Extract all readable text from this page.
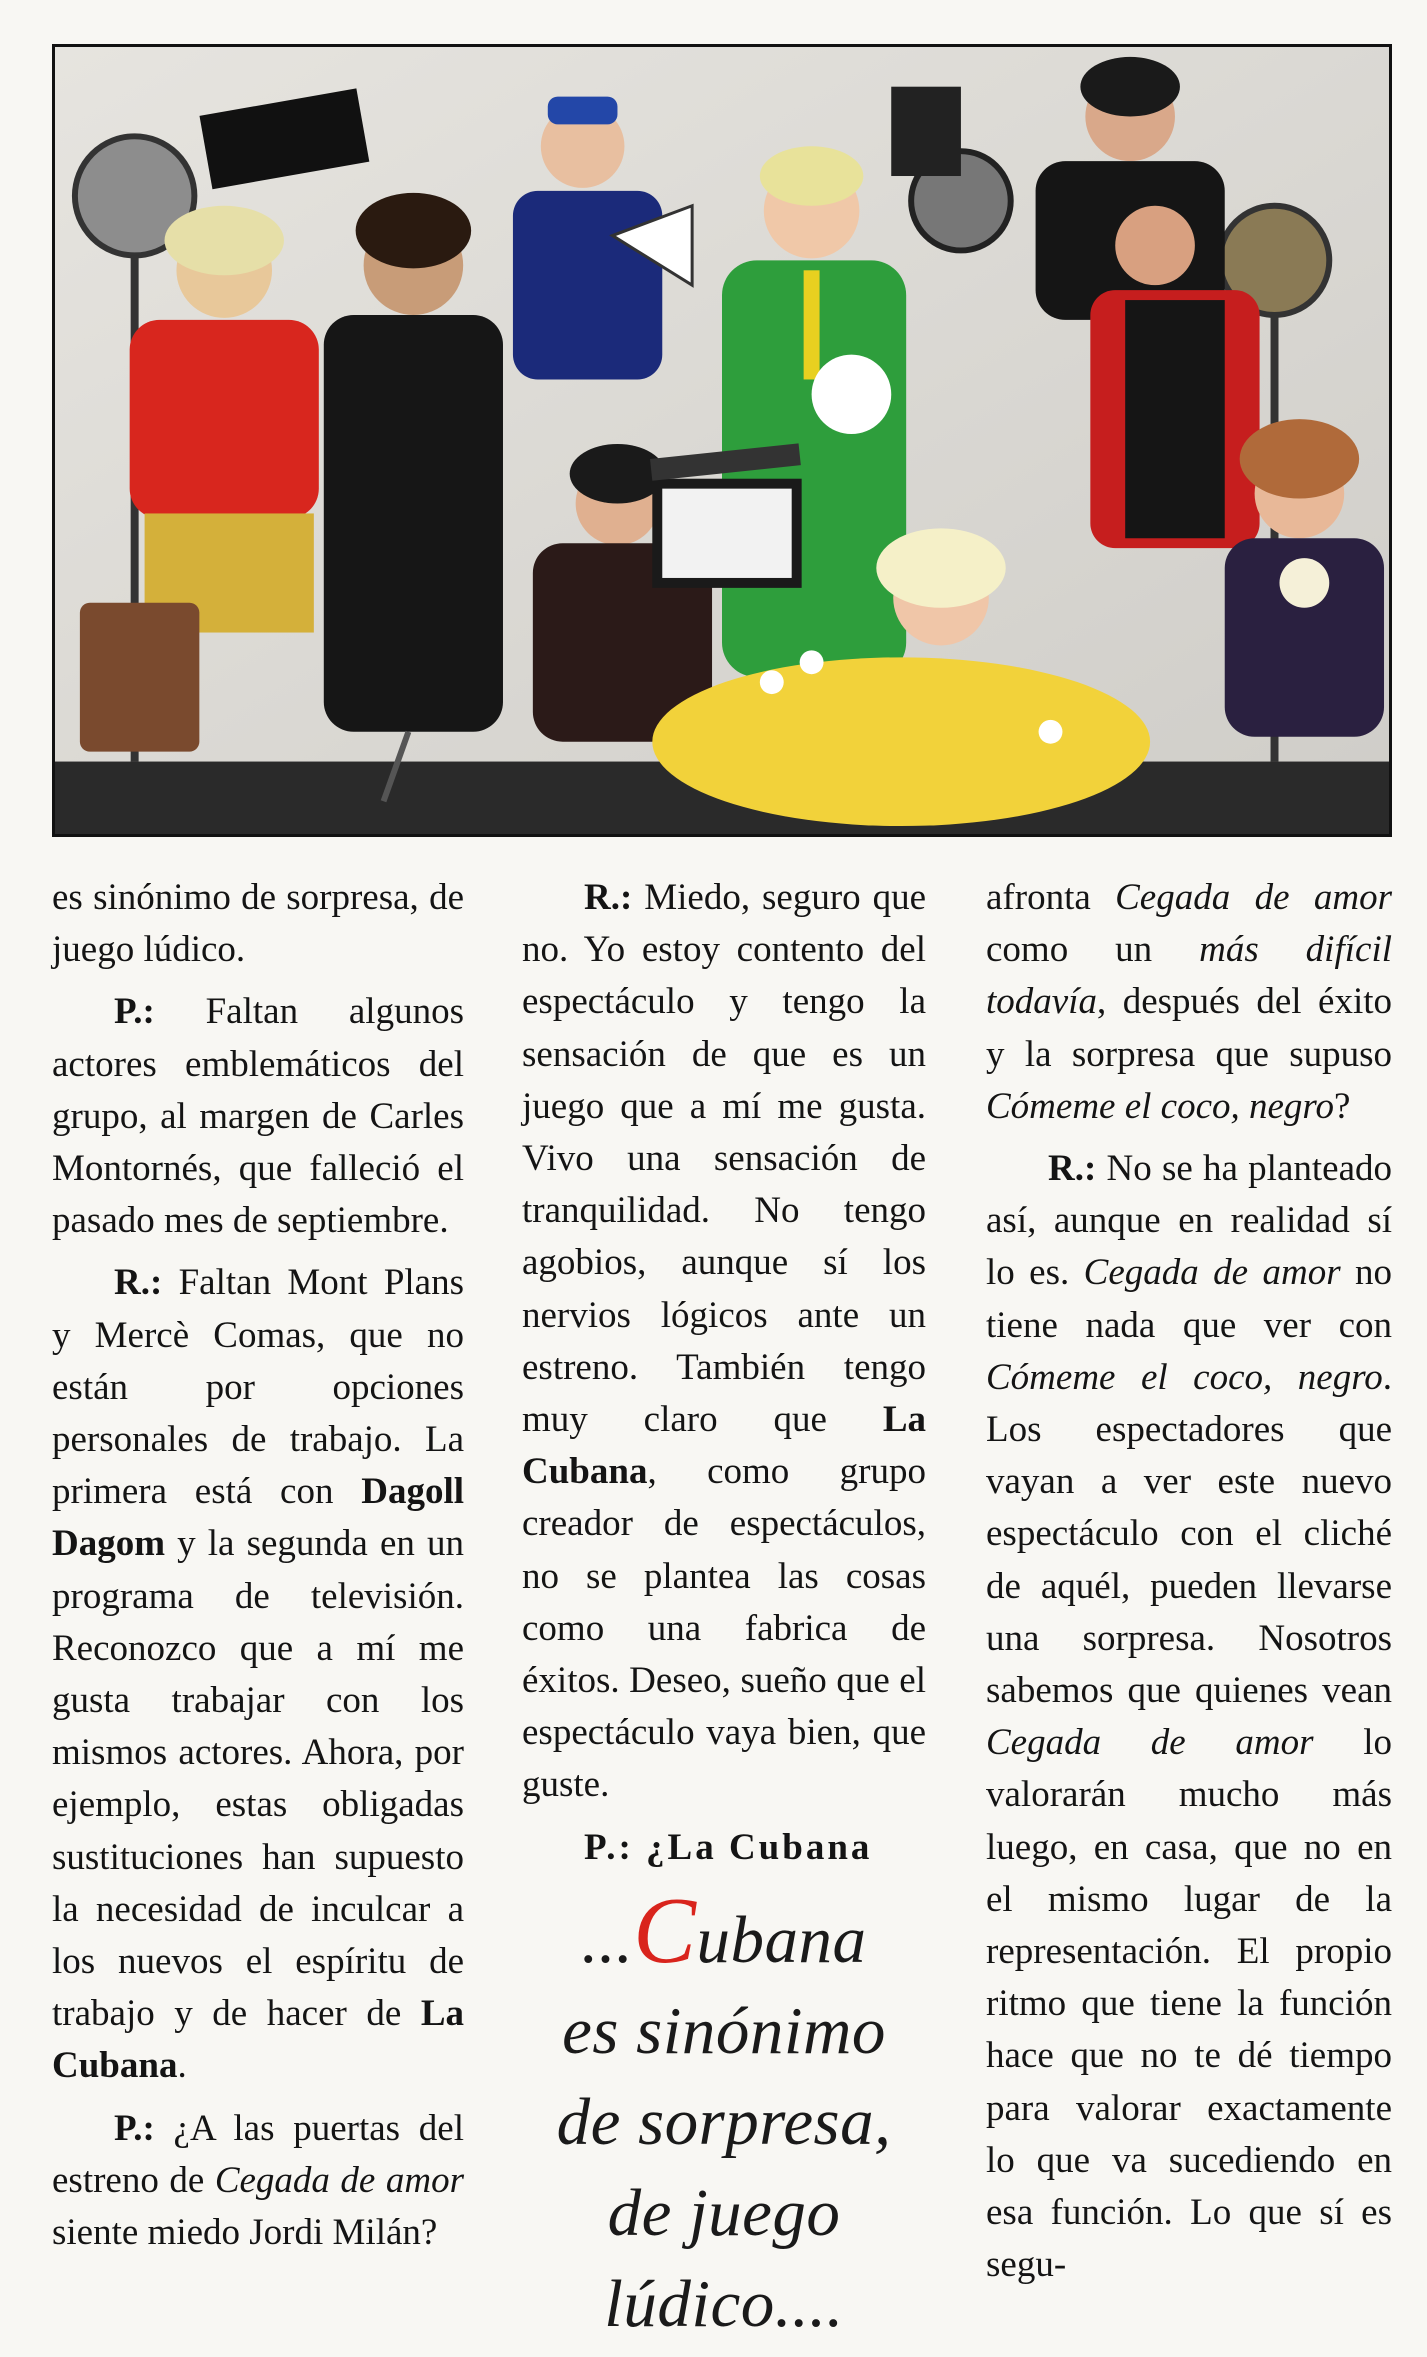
es sinónimo de sorpresa, de juego lúdico.

P.: Faltan algunos actores emblemáticos del grupo, al margen de Carles Montornés, que falleció el pasado mes de septiembre.

R.: Faltan Mont Plans y Mercè Comas, que no están por opciones personales de trabajo. La primera está con Dagoll Dagom y la segunda en un programa de televisión. Reconozco que a mí me gusta trabajar con los mismos actores. Ahora, por ejemplo, estas obligadas sustituciones han supuesto la necesidad de inculcar a los nuevos el espíritu de trabajo y de hacer de La Cubana.

P.: ¿A las puertas del estreno de Cegada de amor siente miedo Jordi Milán?

R.: Miedo, seguro que no. Yo estoy contento del espectáculo y tengo la sensación de que es un juego que a mí me gusta. Vivo una sensación de tranquilidad. No tengo agobios, aunque sí los nervios lógicos ante un estreno. También tengo muy claro que La Cubana, como grupo creador de espectáculos, no se plantea las cosas como una fabrica de éxitos. Deseo, sueño que el espectáculo vaya bien, que guste.

P.: ¿La Cubana

...Cubana
es sinónimo
de sorpresa,
de juego
lúdico....

afronta Cegada de amor como un más difícil todavía, después del éxito y la sorpresa que supuso Cómeme el coco, negro?

R.: No se ha planteado así, aunque en realidad sí lo es. Cegada de amor no tiene nada que ver con Cómeme el coco, negro. Los espectadores que vayan a ver este nuevo espectáculo con el cliché de aquél, pueden llevarse una sorpresa. Nosotros sabemos que quienes vean Cegada de amor lo valorarán mucho más luego, en casa, que no en el mismo lugar de la representación. El propio ritmo que tiene la función hace que no te dé tiempo para valorar exactamente lo que va sucediendo en esa función. Lo que sí es segu-
